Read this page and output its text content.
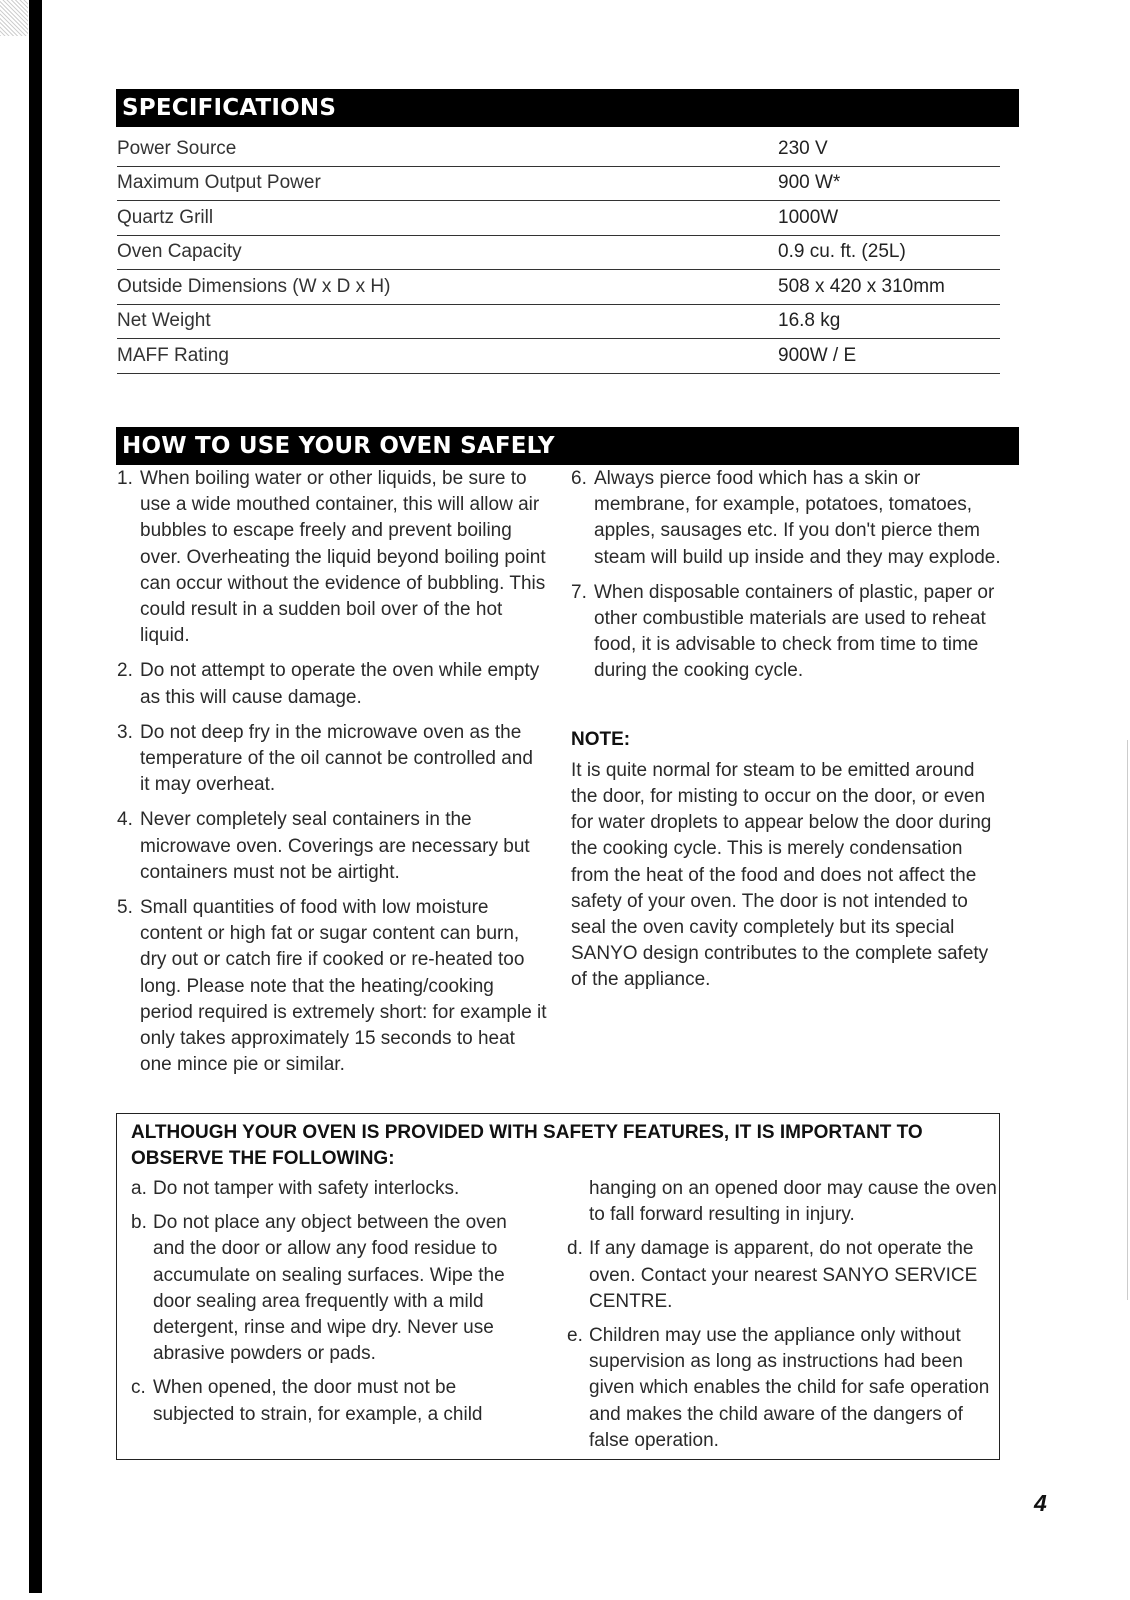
SPECIFICATIONS
Power Source	230 V
Maximum Output Power	900 W*
Quartz Grill	1000W
Oven Capacity	0.9 cu. ft. (25L)
Outside Dimensions (W x D x H)	508 x 420 x 310mm
Net Weight	16.8 kg
MAFF Rating	900W / E
HOW TO USE YOUR OVEN SAFELY
1. When boiling water or other liquids, be sure to use a wide mouthed container, this will allow air bubbles to escape freely and prevent boiling over. Overheating the liquid beyond boiling point can occur without the evidence of bubbling. This could result in a sudden boil over of the hot liquid.
2. Do not attempt to operate the oven while empty as this will cause damage.
3. Do not deep fry in the microwave oven as the temperature of the oil cannot be controlled and it may overheat.
4. Never completely seal containers in the microwave oven. Coverings are necessary but containers must not be airtight.
5. Small quantities of food with low moisture content or high fat or sugar content can burn, dry out or catch fire if cooked or re-heated too long. Please note that the heating/cooking period required is extremely short: for example it only takes approximately 15 seconds to heat one mince pie or similar.
6. Always pierce food which has a skin or membrane, for example, potatoes, tomatoes, apples, sausages etc. If you don't pierce them steam will build up inside and they may explode.
7. When disposable containers of plastic, paper or other combustible materials are used to reheat food, it is advisable to check from time to time during the cooking cycle.
NOTE:
It is quite normal for steam to be emitted around the door, for misting to occur on the door, or even for water droplets to appear below the door during the cooking cycle. This is merely condensation from the heat of the food and does not affect the safety of your oven. The door is not intended to seal the oven cavity completely but its special SANYO design contributes to the complete safety of the appliance.
ALTHOUGH YOUR OVEN IS PROVIDED WITH SAFETY FEATURES, IT IS IMPORTANT TO OBSERVE THE FOLLOWING:
a. Do not tamper with safety interlocks.
b. Do not place any object between the oven and the door or allow any food residue to accumulate on sealing surfaces. Wipe the door sealing area frequently with a mild detergent, rinse and wipe dry. Never use abrasive powders or pads.
c. When opened, the door must not be subjected to strain, for example, a child
hanging on an opened door may cause the oven to fall forward resulting in injury.
d. If any damage is apparent, do not operate the oven. Contact your nearest SANYO SERVICE CENTRE.
e. Children may use the appliance only without supervision as long as instructions had been given which enables the child for safe operation and makes the child aware of the dangers of false operation.
4
